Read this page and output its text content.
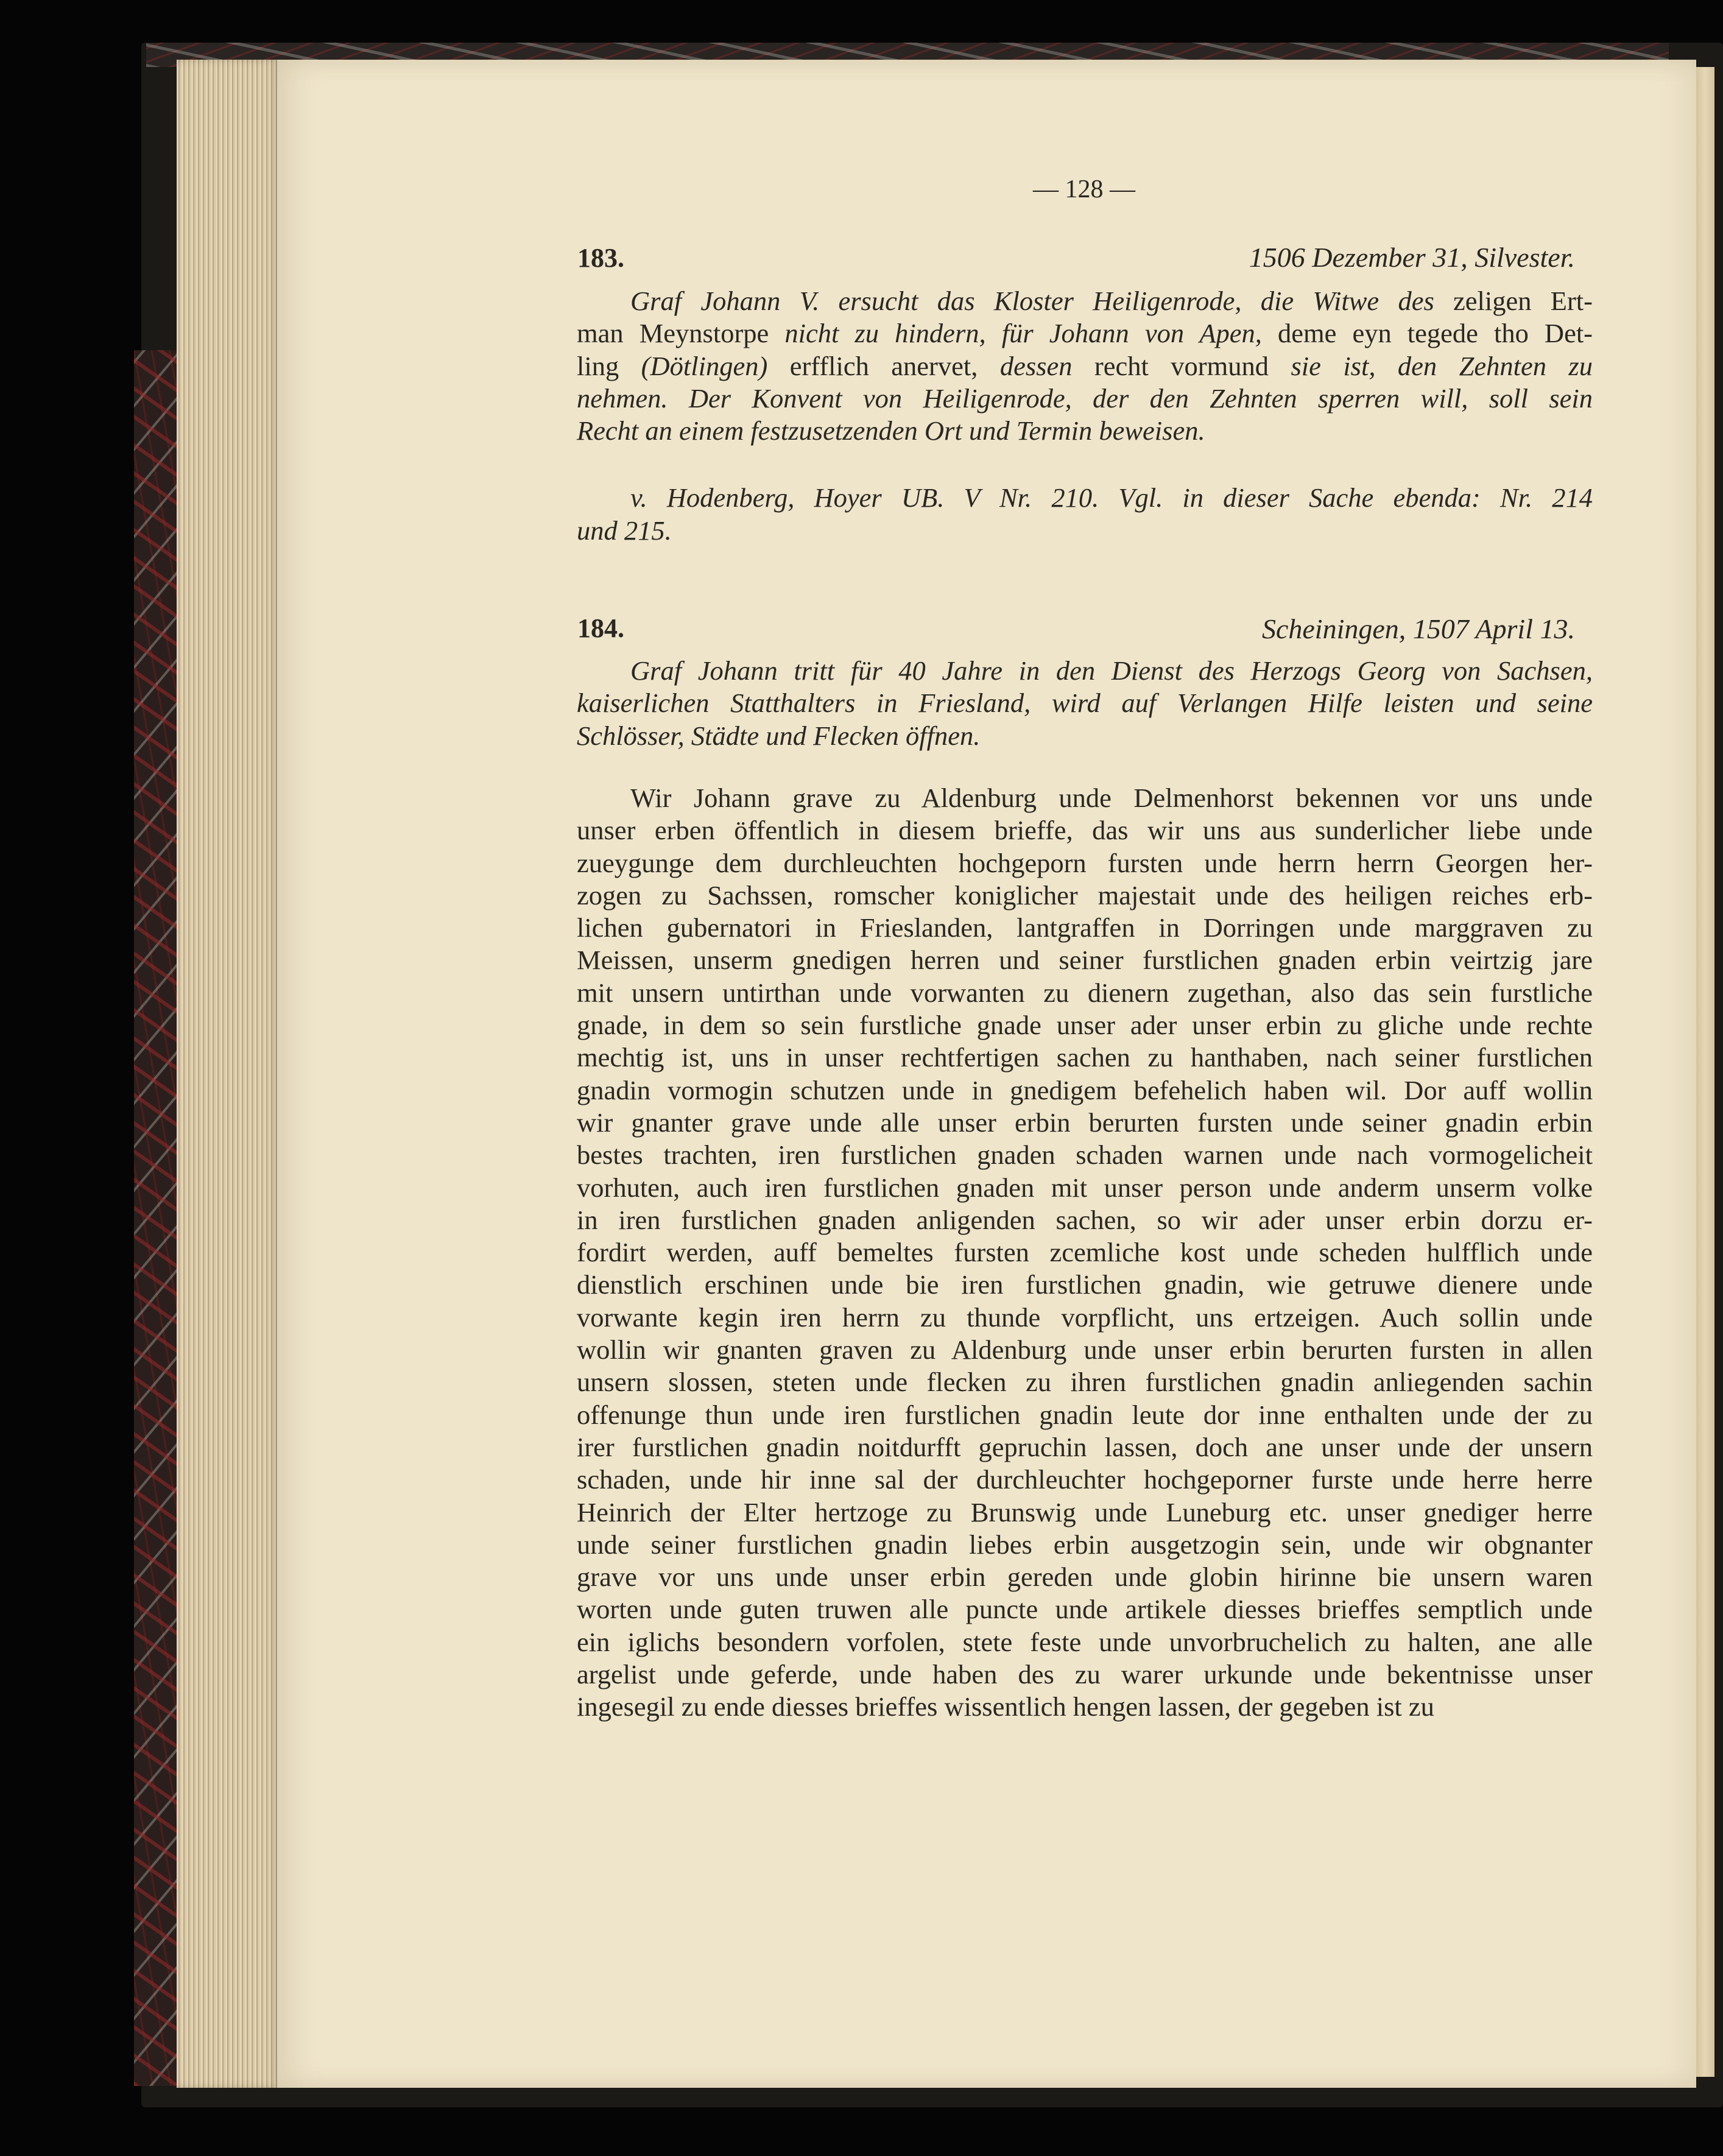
— 128 —
183.	1506 Dezember 31, Silvester.
Graf Johann V. ersucht das Kloster Heiligenrode, die Witwe des zeligen Ert-
man Meynstorpe nicht zu hindern, für Johann von Apen, deme eyn tegede tho Det-
ling (Dötlingen) erfflich anervet, dessen recht vormund sie ist, den Zehnten zu
nehmen. Der Konvent von Heiligenrode, der den Zehnten sperren will, soll sein
Recht an einem festzusetzenden Ort und Termin beweisen.
v. Hodenberg, Hoyer UB. V Nr. 210. Vgl. in dieser Sache ebenda: Nr. 214
und 215.
184.	Scheiningen, 1507 April 13.
Graf Johann tritt für 40 Jahre in den Dienst des Herzogs Georg von Sachsen,
kaiserlichen Statthalters in Friesland, wird auf Verlangen Hilfe leisten und seine
Schlösser, Städte und Flecken öffnen.
Wir Johann grave zu Aldenburg unde Delmenhorst bekennen vor uns unde
unser erben öffentlich in diesem brieffe, das wir uns aus sunderlicher liebe unde
zueygunge dem durchleuchten hochgeporn fursten unde herrn herrn Georgen her-
zogen zu Sachssen, romscher koniglicher majestait unde des heiligen reiches erb-
lichen gubernatori in Frieslanden, lantgraffen in Dorringen unde marggraven zu
Meissen, unserm gnedigen herren und seiner furstlichen gnaden erbin veirtzig jare
mit unsern untirthan unde vorwanten zu dienern zugethan, also das sein furstliche
gnade, in dem so sein furstliche gnade unser ader unser erbin zu gliche unde rechte
mechtig ist, uns in unser rechtfertigen sachen zu hanthaben, nach seiner furstlichen
gnadin vormogin schutzen unde in gnedigem befehelich haben wil. Dor auff wollin
wir gnanter grave unde alle unser erbin berurten fursten unde seiner gnadin erbin
bestes trachten, iren furstlichen gnaden schaden warnen unde nach vormogelicheit
vorhuten, auch iren furstlichen gnaden mit unser person unde anderm unserm volke
in iren furstlichen gnaden anligenden sachen, so wir ader unser erbin dorzu er-
fordirt werden, auff bemeltes fursten zcemliche kost unde scheden hulfflich unde
dienstlich erschinen unde bie iren furstlichen gnadin, wie getruwe dienere unde
vorwante kegin iren herrn zu thunde vorpflicht, uns ertzeigen. Auch sollin unde
wollin wir gnanten graven zu Aldenburg unde unser erbin berurten fursten in allen
unsern slossen, steten unde flecken zu ihren furstlichen gnadin anliegenden sachin
offenunge thun unde iren furstlichen gnadin leute dor inne enthalten unde der zu
irer furstlichen gnadin noitdurfft gepruchin lassen, doch ane unser unde der unsern
schaden, unde hir inne sal der durchleuchter hochgeporner furste unde herre herre
Heinrich der Elter hertzoge zu Brunswig unde Luneburg etc. unser gnediger herre
unde seiner furstlichen gnadin liebes erbin ausgetzogin sein, unde wir obgnanter
grave vor uns unde unser erbin gereden unde globin hirinne bie unsern waren
worten unde guten truwen alle puncte unde artikele diesses brieffes semptlich unde
ein iglichs besondern vorfolen, stete feste unde unvorbruchelich zu halten, ane alle
argelist unde geferde, unde haben des zu warer urkunde unde bekentnisse unser
ingesegil zu ende diesses brieffes wissentlich hengen lassen, der gegeben ist zu
